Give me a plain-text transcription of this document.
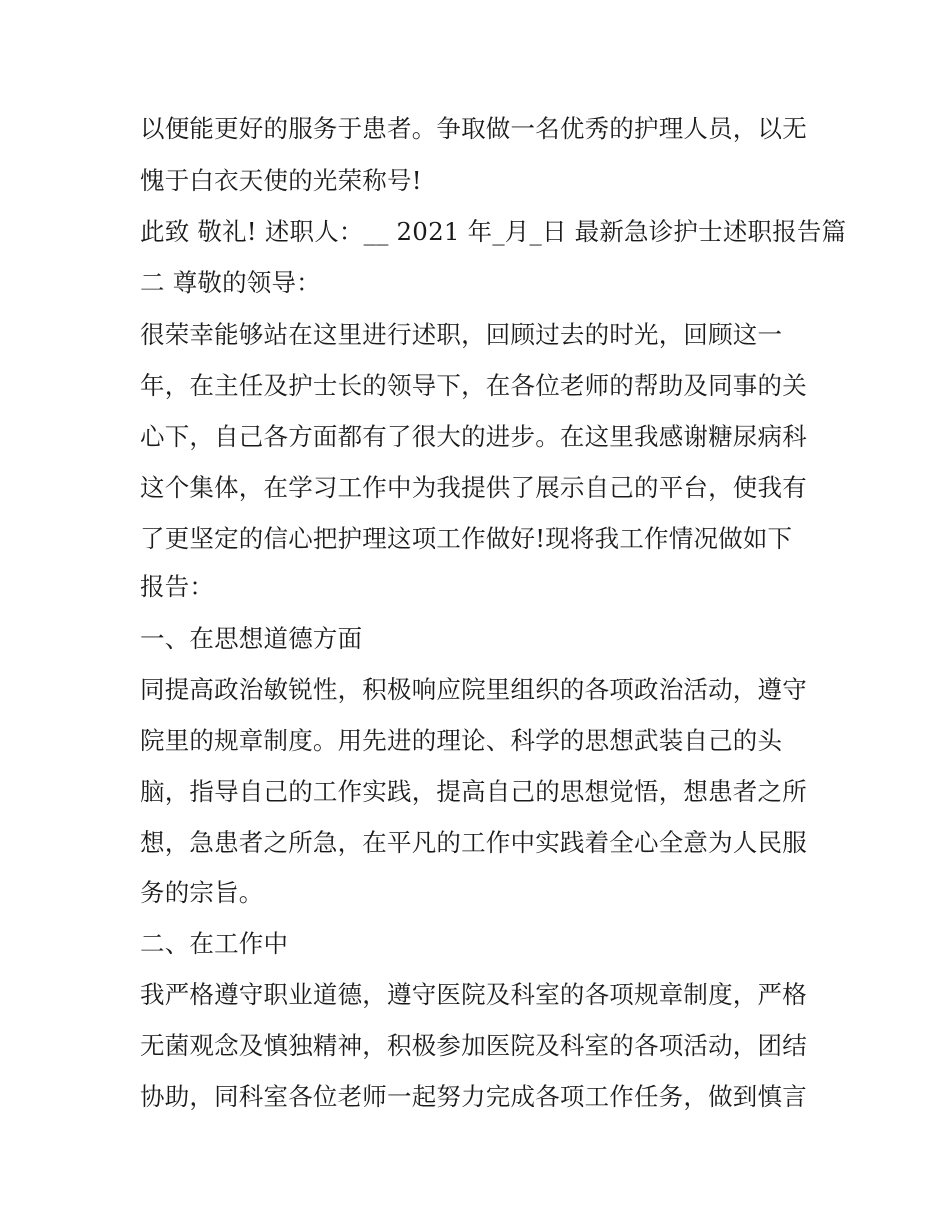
以便能更好的服务于患者。争取做一名优秀的护理人员，以无
愧于白衣天使的光荣称号!
此致 敬礼! 述职人：__ 2021 年_月_日 最新急诊护士述职报告篇
二 尊敬的领导：
很荣幸能够站在这里进行述职，回顾过去的时光，回顾这一
年，在主任及护士长的领导下，在各位老师的帮助及同事的关
心下，自己各方面都有了很大的进步。在这里我感谢糖尿病科
这个集体，在学习工作中为我提供了展示自己的平台，使我有
了更坚定的信心把护理这项工作做好!现将我工作情况做如下
报告：
一、在思想道德方面
同提高政治敏锐性，积极响应院里组织的各项政治活动，遵守
院里的规章制度。用先进的理论、科学的思想武装自己的头
脑，指导自己的工作实践，提高自己的思想觉悟，想患者之所
想，急患者之所急，在平凡的工作中实践着全心全意为人民服
务的宗旨。
二、在工作中
我严格遵守职业道德，遵守医院及科室的各项规章制度，严格
无菌观念及慎独精神，积极参加医院及科室的各项活动，团结
协助，同科室各位老师一起努力完成各项工作任务，做到慎言
